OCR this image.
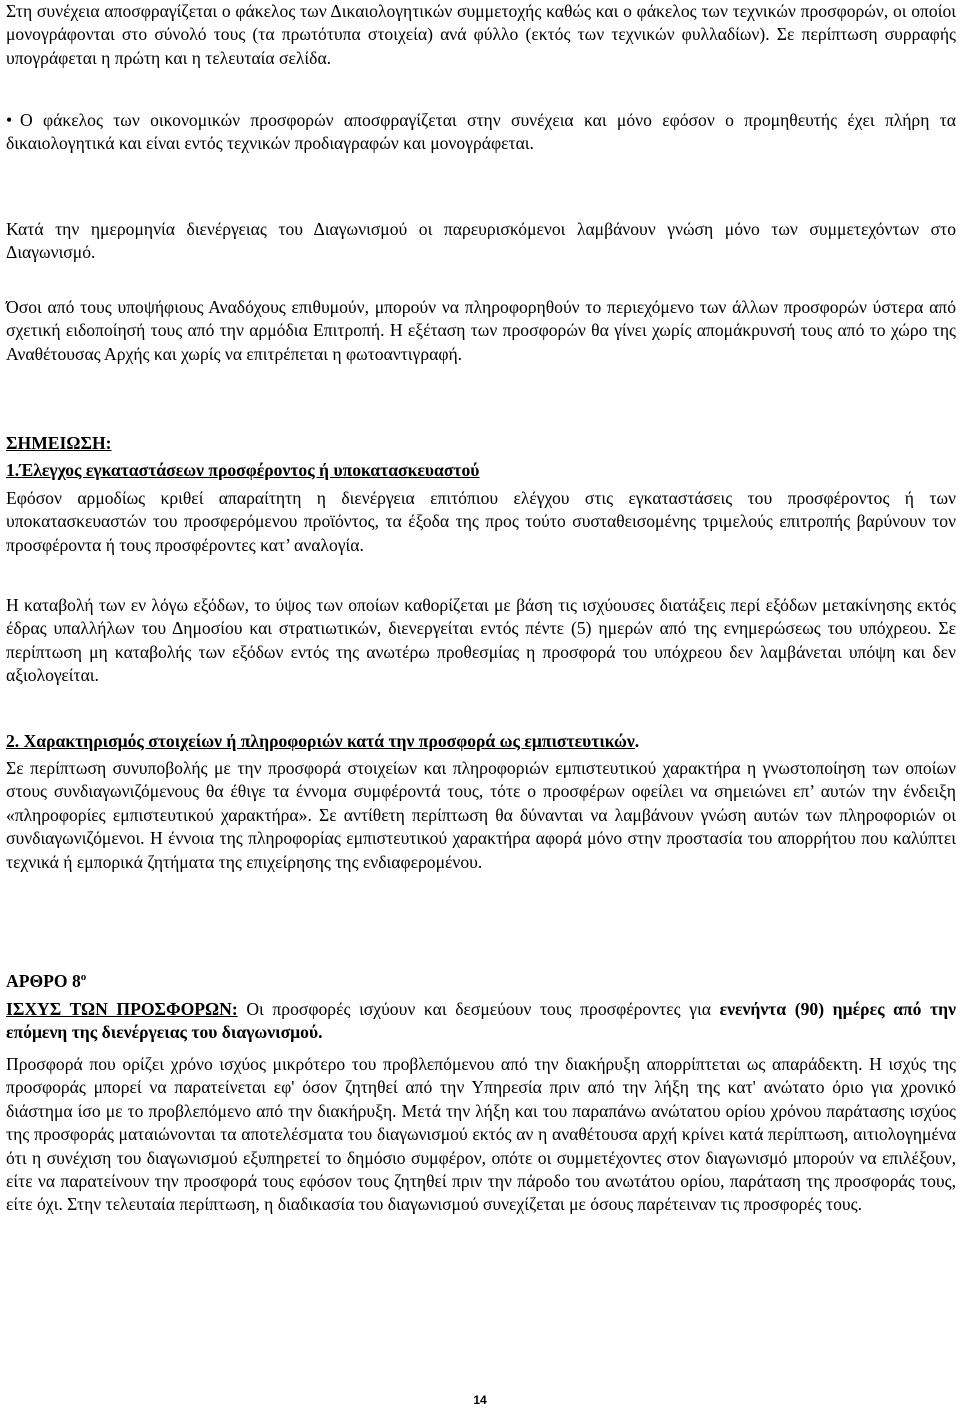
Στη συνέχεια αποσφραγίζεται ο φάκελος των Δικαιολογητικών συμμετοχής καθώς και ο φάκελος των τεχνικών προσφορών, οι οποίοι μονογράφονται στο σύνολό τους (τα πρωτότυπα στοιχεία) ανά φύλλο (εκτός των τεχνικών φυλλαδίων). Σε περίπτωση συρραφής υπογράφεται η πρώτη και η τελευταία σελίδα.

• Ο φάκελος των οικονομικών προσφορών αποσφραγίζεται στην συνέχεια και μόνο εφόσον ο προμηθευτής έχει πλήρη τα δικαιολογητικά και είναι εντός τεχνικών προδιαγραφών και μονογράφεται.

Κατά την ημερομηνία διενέργειας του Διαγωνισμού οι παρευρισκόμενοι λαμβάνουν γνώση μόνο των συμμετεχόντων στο Διαγωνισμό.

Όσοι από τους υποψήφιους Αναδόχους επιθυμούν, μπορούν να πληροφορηθούν το περιεχόμενο των άλλων προσφορών ύστερα από σχετική ειδοποίησή τους από την αρμόδια Επιτροπή. Η εξέταση των προσφορών θα γίνει χωρίς απομάκρυνσή τους από το χώρο της Αναθέτουσας Αρχής και χωρίς να επιτρέπεται η φωτοαντιγραφή.

ΣΗΜΕΙΩΣΗ:

1.Έλεγχος εγκαταστάσεων προσφέροντος ή υποκατασκευαστού

Εφόσον αρμοδίως κριθεί απαραίτητη η διενέργεια επιτόπιου ελέγχου στις εγκαταστάσεις του προσφέροντος ή των υποκατασκευαστών του προσφερόμενου προϊόντος, τα έξοδα της προς τούτο συσταθεισομένης τριμελούς επιτροπής βαρύνουν τον προσφέροντα ή τους προσφέροντες κατ’ αναλογία.

Η καταβολή των εν λόγω εξόδων, το ύψος των οποίων καθορίζεται με βάση τις ισχύουσες διατάξεις περί εξόδων μετακίνησης εκτός έδρας υπαλλήλων του Δημοσίου και στρατιωτικών, διενεργείται εντός πέντε (5) ημερών από της ενημερώσεως του υπόχρεου. Σε περίπτωση μη καταβολής των εξόδων εντός της ανωτέρω προθεσμίας η προσφορά του υπόχρεου δεν λαμβάνεται υπόψη και δεν αξιολογείται.

2. Χαρακτηρισμός στοιχείων ή πληροφοριών κατά την προσφορά ως εμπιστευτικών.

Σε περίπτωση συνυποβολής με την προσφορά στοιχείων και πληροφοριών εμπιστευτικού χαρακτήρα η γνωστοποίηση των οποίων στους συνδιαγωνιζόμενους θα έθιγε τα έννομα συμφέροντά τους, τότε ο προσφέρων οφείλει να σημειώνει επ’ αυτών την ένδειξη «πληροφορίες εμπιστευτικού χαρακτήρα». Σε αντίθετη περίπτωση θα δύνανται να λαμβάνουν γνώση αυτών των πληροφοριών οι συνδιαγωνιζόμενοι. Η έννοια της πληροφορίας εμπιστευτικού χαρακτήρα αφορά μόνο στην προστασία του απορρήτου που καλύπτει τεχνικά ή εμπορικά ζητήματα της επιχείρησης της ενδιαφερομένου.

ΑΡΘΡΟ $8^o$

ΙΣΧΥΣ ΤΩΝ ΠΡΟΣΦΟΡΩΝ: Οι προσφορές ισχύουν και δεσμεύουν τους προσφέροντες για ενενήντα (90) ημέρες από την επόμενη της διενέργειας του διαγωνισμού.

Προσφορά που ορίζει χρόνο ισχύος μικρότερο του προβλεπόμενου από την διακήρυξη απορρίπτεται ως απαράδεκτη. Η ισχύς της προσφοράς μπορεί να παρατείνεται εφ' όσον ζητηθεί από την Υπηρεσία πριν από την λήξη της κατ' ανώτατο όριο για χρονικό διάστημα ίσο με το προβλεπόμενο από την διακήρυξη. Μετά την λήξη και του παραπάνω ανώτατου ορίου χρόνου παράτασης ισχύος της προσφοράς ματαιώνονται τα αποτελέσματα του διαγωνισμού εκτός αν η αναθέτουσα αρχή κρίνει κατά περίπτωση, αιτιολογημένα ότι η συνέχιση του διαγωνισμού εξυπηρετεί το δημόσιο συμφέρον, οπότε οι συμμετέχοντες στον διαγωνισμό μπορούν να επιλέξουν, είτε να παρατείνουν την προσφορά τους εφόσον τους ζητηθεί πριν την πάροδο του ανωτάτου ορίου, παράταση της προσφοράς τους, είτε όχι. Στην τελευταία περίπτωση, η διαδικασία του διαγωνισμού συνεχίζεται με όσους παρέτειναν τις προσφορές τους.

14
